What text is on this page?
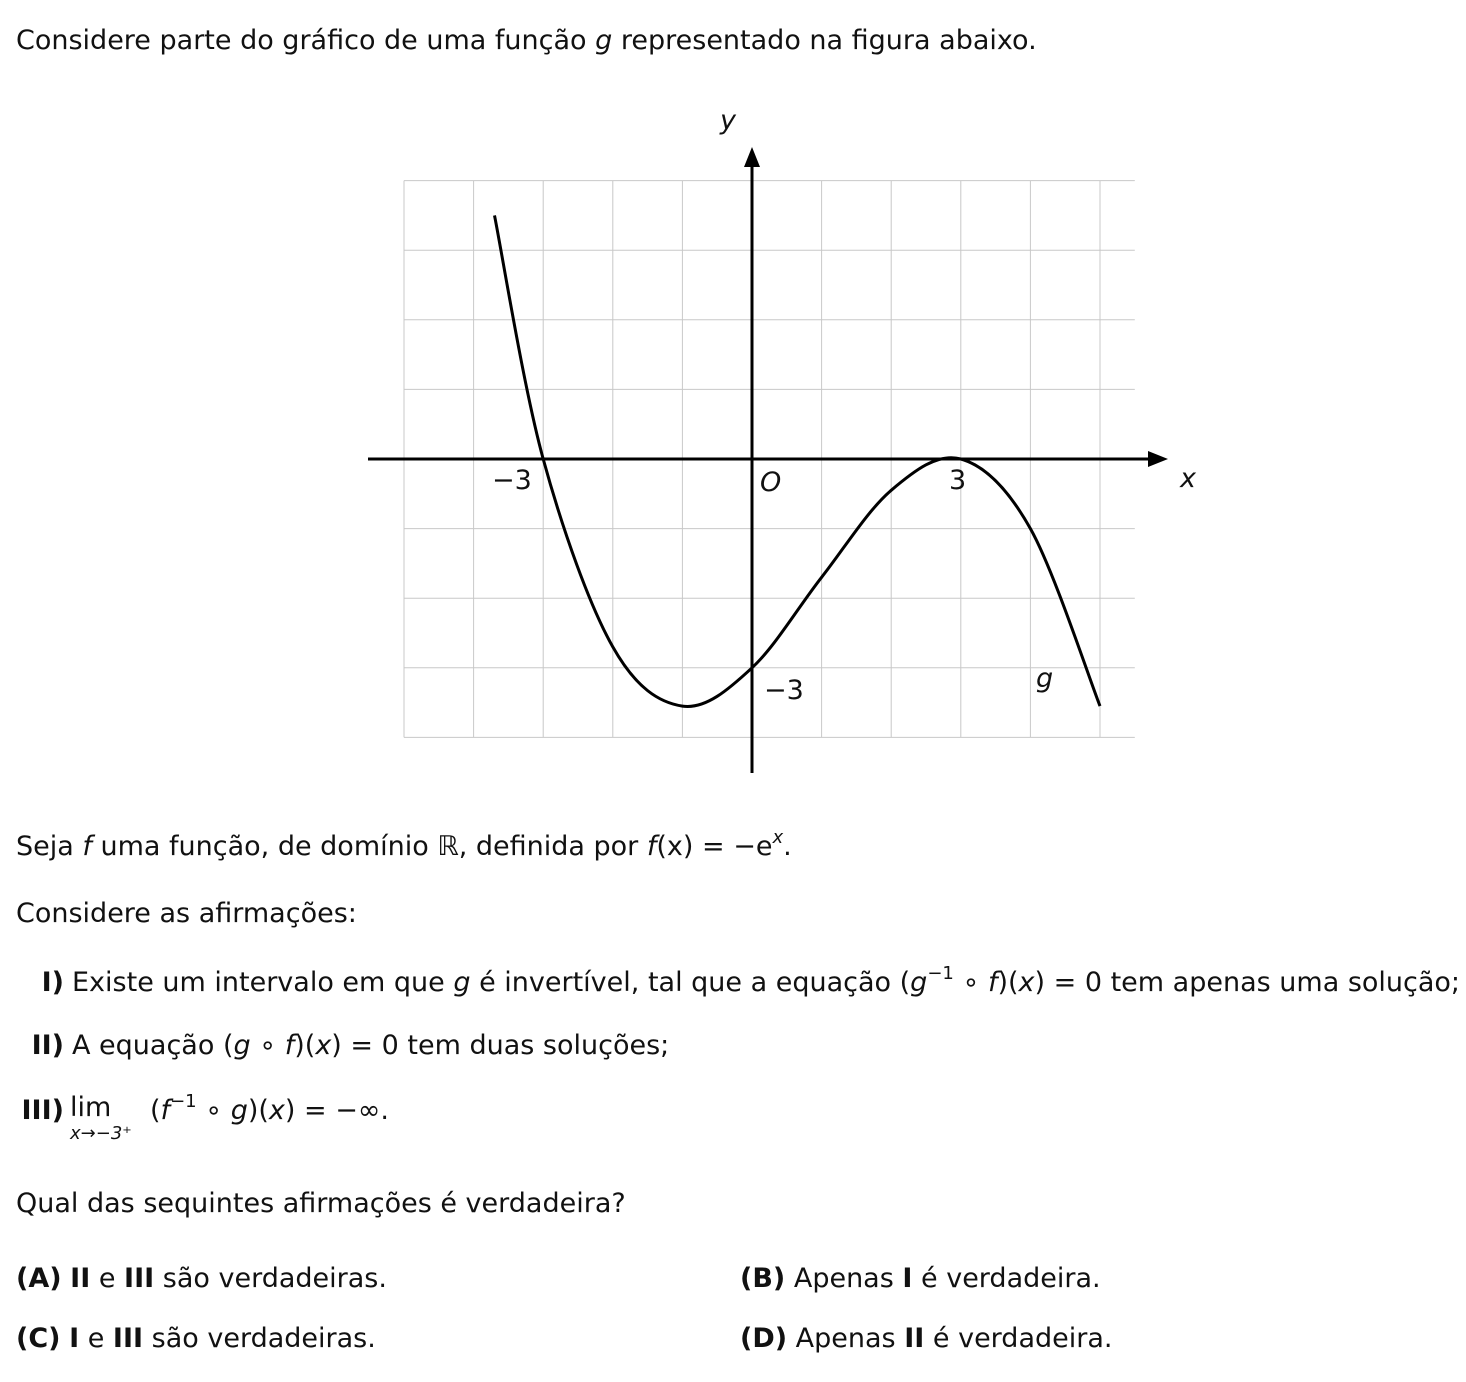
Considere parte do gráfico de uma função g representado na figura abaixo.
y
x
O
−3	3
−3	g
Seja f uma função, de domínio ℝ, definida por $f(x) = -e^x$.
Considere as afirmações:
I) Existe um intervalo em que g é invertível, tal que a equação ($g^{-1}$ ∘ f)(x) = 0 tem apenas uma solução;
II) A equação (g ∘ f)(x) = 0 tem duas soluções;
III) lim
x→−3⁺
($f^{-1}$ ∘ g)(x) = −∞.
Qual das sequintes afirmações é verdadeira?
(A) II e III são verdadeiras.	(B) Apenas I é verdadeira.
(C) I e III são verdadeiras.	(D) Apenas II é verdadeira.
